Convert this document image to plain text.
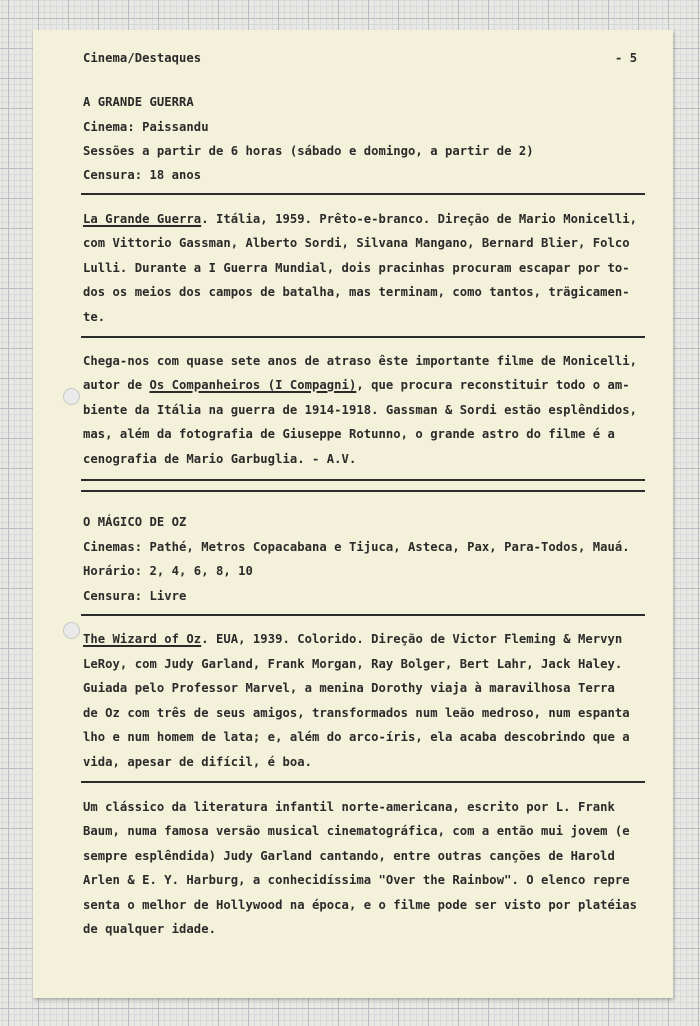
Cinema/Destaques	- 5
A GRANDE GUERRA
Cinema: Paissandu
Sessões a partir de 6 horas (sábado e domingo, a partir de 2)
Censura: 18 anos
La Grande Guerra. Itália, 1959. Prêto-e-branco. Direção de Mario Monicelli,
com Vittorio Gassman, Alberto Sordi, Silvana Mangano, Bernard Blier, Folco
Lulli. Durante a I Guerra Mundial, dois pracinhas procuram escapar por to-
dos os meios dos campos de batalha, mas terminam, como tantos, trägicamen-
te.
Chega-nos com quase sete anos de atraso êste importante filme de Monicelli,
autor de Os Companheiros (I Compagni), que procura reconstituir todo o am-
biente da Itália na guerra de 1914-1918. Gassman & Sordi estão esplêndidos,
mas, além da fotografia de Giuseppe Rotunno, o grande astro do filme é a
cenografia de Mario Garbuglia. - A.V.
O MÁGICO DE OZ
Cinemas: Pathé, Metros Copacabana e Tijuca, Asteca, Pax, Para-Todos, Mauá.
Horário: 2, 4, 6, 8, 10
Censura: Livre
The Wizard of Oz. EUA, 1939. Colorido. Direção de Victor Fleming & Mervyn
LeRoy, com Judy Garland, Frank Morgan, Ray Bolger, Bert Lahr, Jack Haley.
Guiada pelo Professor Marvel, a menina Dorothy viaja à maravilhosa Terra
de Oz com três de seus amigos, transformados num leão medroso, num espanta
lho e num homem de lata; e, além do arco-íris, ela acaba descobrindo que a
vida, apesar de difícil, é boa.
Um clássico da literatura infantil norte-americana, escrito por L. Frank
Baum, numa famosa versão musical cinematográfica, com a então mui jovem (e
sempre esplêndida) Judy Garland cantando, entre outras canções de Harold
Arlen & E. Y. Harburg, a conhecidíssima "Over the Rainbow". O elenco repre
senta o melhor de Hollywood na época, e o filme pode ser visto por platéias
de qualquer idade.
